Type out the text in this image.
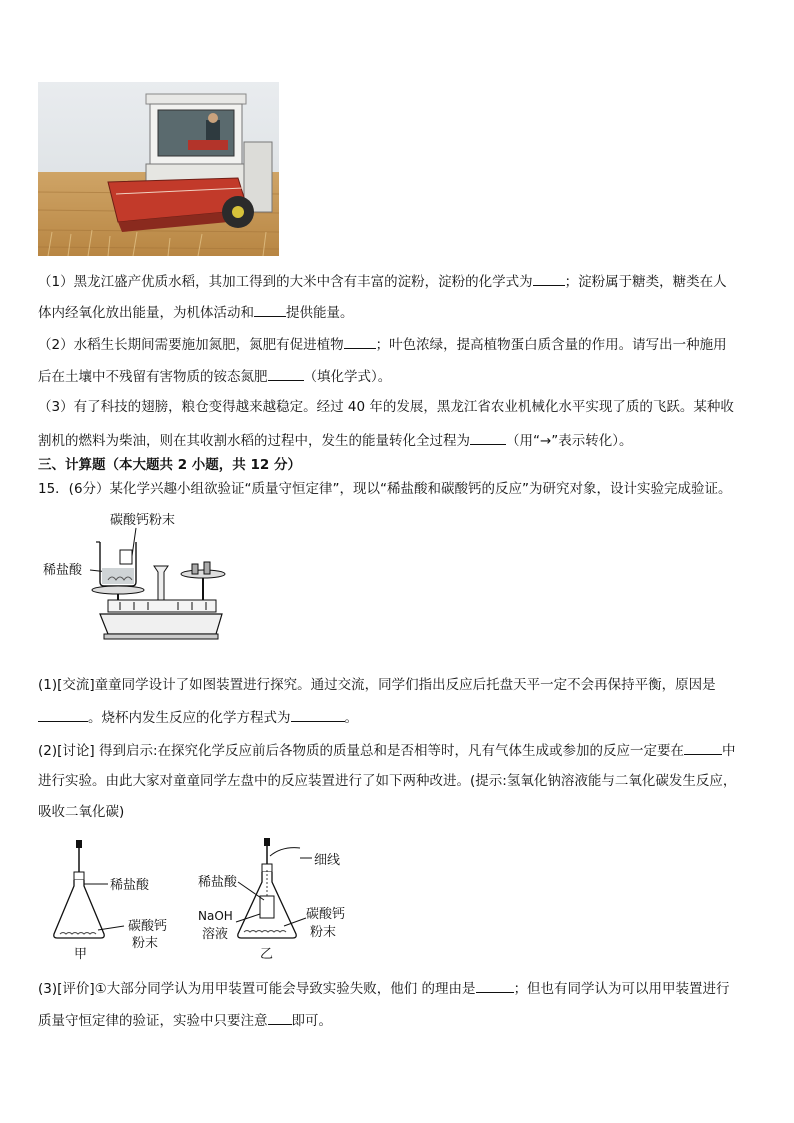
（1）黑龙江盛产优质水稻，其加工得到的大米中含有丰富的淀粉，淀粉的化学式为 ；淀粉属于糖类，糖类在人
体内经氧化放出能量，为机体活动和 提供能量。
（2）水稻生长期间需要施加氮肥，氮肥有促进植物 ；叶色浓绿，提高植物蛋白质含量的作用。请写出一种施用
后在土壤中不残留有害物质的铵态氮肥	（填化学式）。
（3）有了科技的翅膀，粮仓变得越来越稳定。经过 40 年的发展，黑龙江省农业机械化水平实现了质的飞跃。某种收
割机的燃料为柴油，则在其收割水稻的过程中，发生的能量转化全过程为	（用“→”表示转化）。
三、计算题（本大题共 2 小题，共 12 分）
15．(6分）某化学兴趣小组欲验证“质量守恒定律”，现以“稀盐酸和碳酸钙的反应”为研究对象，设计实验完成验证。
碳酸钙粉末
稀盐酸
(1)[交流]童童同学设计了如图装置进行探究。通过交流，同学们指出反应后托盘天平一定不会再保持平衡，原因是
。烧杯内发生反应的化学方程式为	。
(2)[讨论] 得到启示:在探究化学反应前后各物质的质量总和是否相等时，凡有气体生成或参加的反应一定要在	中
进行实验。由此大家对童童同学左盘中的反应装置进行了如下两种改进。(提示:氢氧化钠溶液能与二氧化碳发生反应，
吸收二氧化碳)
稀盐酸
碳酸钙
粉末
甲
细线
稀盐酸
NaOH
溶液
碳酸钙
粉末
乙
(3)[评价]①大部分同学认为用甲装置可能会导致实验失败，他们 的理由是	；但也有同学认为可以用甲装置进行
质量守恒定律的验证，实验中只要注意 即可。
